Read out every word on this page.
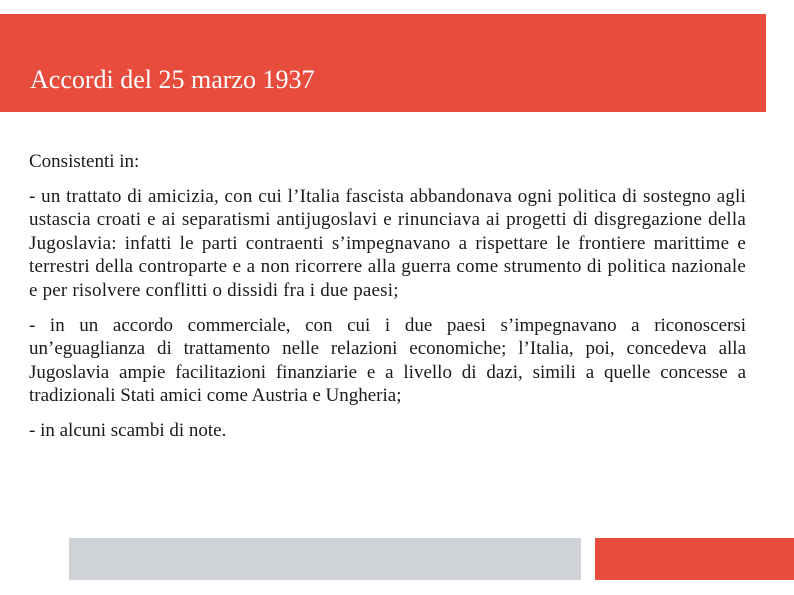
Accordi del 25 marzo 1937

Consistenti in:

- un trattato di amicizia, con cui l’Italia fascista abbandonava ogni politica di sostegno agli ustascia croati e ai separatismi antijugoslavi e rinunciava ai progetti di disgregazione della Jugoslavia: infatti le parti contraenti s’impegnavano a rispettare le frontiere marittime e terrestri della controparte e a non ricorrere alla guerra come strumento di politica nazionale e per risolvere conflitti o dissidi fra i due paesi;

- in un accordo commerciale, con cui i due paesi s’impegnavano a riconoscersi un’eguaglianza di trattamento nelle relazioni economiche; l’Italia, poi, concedeva alla Jugoslavia ampie facilitazioni finanziarie e a livello di dazi, simili a quelle concesse a tradizionali Stati amici come Austria e Ungheria;

- in alcuni scambi di note.
